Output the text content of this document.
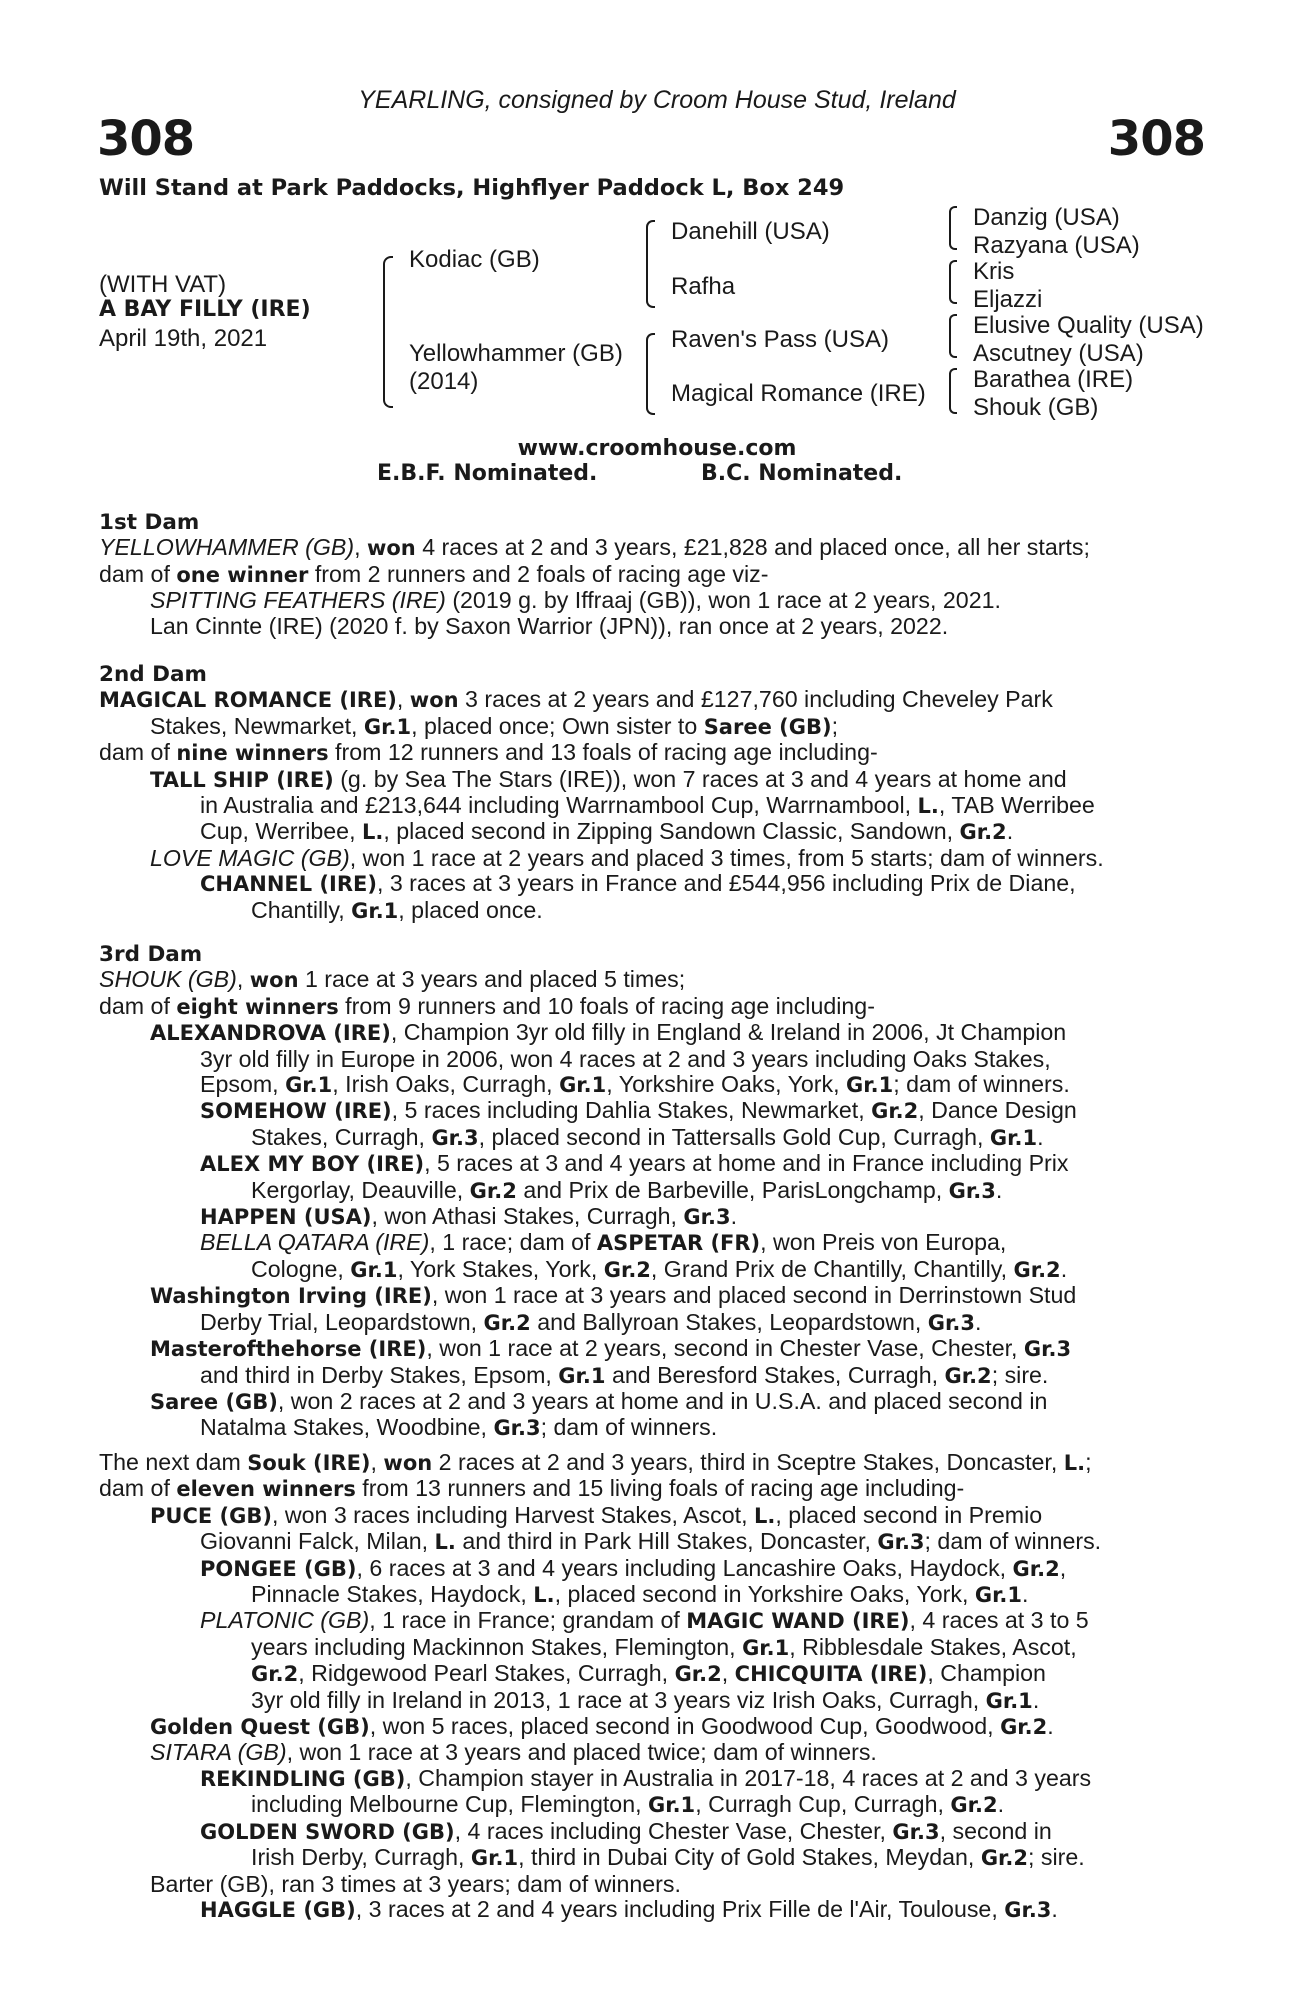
YEARLING, consigned by Croom House Stud, Ireland
308	308
Will Stand at Park Paddocks, Highflyer Paddock L, Box 249
(WITH VAT)
A BAY FILLY (IRE)
April 19th, 2021
Kodiac (GB)
Yellowhammer (GB)
(2014)
Danehill (USA)
Rafha
Raven's Pass (USA)
Magical Romance (IRE)
Danzig (USA)
Razyana (USA)
Kris
Eljazzi
Elusive Quality (USA)
Ascutney (USA)
Barathea (IRE)
Shouk (GB)
www.croomhouse.com
E.B.F. Nominated.	B.C. Nominated.

1st Dam

YELLOWHAMMER (GB), won 4 races at 2 and 3 years, £21,828 and placed once, all her starts;

dam of one winner from 2 runners and 2 foals of racing age viz-

SPITTING FEATHERS (IRE) (2019 g. by Iffraaj (GB)), won 1 race at 2 years, 2021.

Lan Cinnte (IRE) (2020 f. by Saxon Warrior (JPN)), ran once at 2 years, 2022.

2nd Dam

MAGICAL ROMANCE (IRE), won 3 races at 2 years and £127,760 including Cheveley Park

Stakes, Newmarket, Gr.1, placed once; Own sister to Saree (GB);

dam of nine winners from 12 runners and 13 foals of racing age including-

TALL SHIP (IRE) (g. by Sea The Stars (IRE)), won 7 races at 3 and 4 years at home and

in Australia and £213,644 including Warrnambool Cup, Warrnambool, L., TAB Werribee

Cup, Werribee, L., placed second in Zipping Sandown Classic, Sandown, Gr.2.

LOVE MAGIC (GB), won 1 race at 2 years and placed 3 times, from 5 starts; dam of winners.

CHANNEL (IRE), 3 races at 3 years in France and £544,956 including Prix de Diane,

Chantilly, Gr.1, placed once.

3rd Dam

SHOUK (GB), won 1 race at 3 years and placed 5 times;

dam of eight winners from 9 runners and 10 foals of racing age including-

ALEXANDROVA (IRE), Champion 3yr old filly in England & Ireland in 2006, Jt Champion

3yr old filly in Europe in 2006, won 4 races at 2 and 3 years including Oaks Stakes,

Epsom, Gr.1, Irish Oaks, Curragh, Gr.1, Yorkshire Oaks, York, Gr.1; dam of winners.

SOMEHOW (IRE), 5 races including Dahlia Stakes, Newmarket, Gr.2, Dance Design

Stakes, Curragh, Gr.3, placed second in Tattersalls Gold Cup, Curragh, Gr.1.

ALEX MY BOY (IRE), 5 races at 3 and 4 years at home and in France including Prix

Kergorlay, Deauville, Gr.2 and Prix de Barbeville, ParisLongchamp, Gr.3.

HAPPEN (USA), won Athasi Stakes, Curragh, Gr.3.

BELLA QATARA (IRE), 1 race; dam of ASPETAR (FR), won Preis von Europa,

Cologne, Gr.1, York Stakes, York, Gr.2, Grand Prix de Chantilly, Chantilly, Gr.2.

Washington Irving (IRE), won 1 race at 3 years and placed second in Derrinstown Stud

Derby Trial, Leopardstown, Gr.2 and Ballyroan Stakes, Leopardstown, Gr.3.

Masterofthehorse (IRE), won 1 race at 2 years, second in Chester Vase, Chester, Gr.3

and third in Derby Stakes, Epsom, Gr.1 and Beresford Stakes, Curragh, Gr.2; sire.

Saree (GB), won 2 races at 2 and 3 years at home and in U.S.A. and placed second in

Natalma Stakes, Woodbine, Gr.3; dam of winners.

The next dam Souk (IRE), won 2 races at 2 and 3 years, third in Sceptre Stakes, Doncaster, L.;

dam of eleven winners from 13 runners and 15 living foals of racing age including-

PUCE (GB), won 3 races including Harvest Stakes, Ascot, L., placed second in Premio

Giovanni Falck, Milan, L. and third in Park Hill Stakes, Doncaster, Gr.3; dam of winners.

PONGEE (GB), 6 races at 3 and 4 years including Lancashire Oaks, Haydock, Gr.2,

Pinnacle Stakes, Haydock, L., placed second in Yorkshire Oaks, York, Gr.1.

PLATONIC (GB), 1 race in France; grandam of MAGIC WAND (IRE), 4 races at 3 to 5

years including Mackinnon Stakes, Flemington, Gr.1, Ribblesdale Stakes, Ascot,

Gr.2, Ridgewood Pearl Stakes, Curragh, Gr.2, CHICQUITA (IRE), Champion

3yr old filly in Ireland in 2013, 1 race at 3 years viz Irish Oaks, Curragh, Gr.1.

Golden Quest (GB), won 5 races, placed second in Goodwood Cup, Goodwood, Gr.2.

SITARA (GB), won 1 race at 3 years and placed twice; dam of winners.

REKINDLING (GB), Champion stayer in Australia in 2017-18, 4 races at 2 and 3 years

including Melbourne Cup, Flemington, Gr.1, Curragh Cup, Curragh, Gr.2.

GOLDEN SWORD (GB), 4 races including Chester Vase, Chester, Gr.3, second in

Irish Derby, Curragh, Gr.1, third in Dubai City of Gold Stakes, Meydan, Gr.2; sire.

Barter (GB), ran 3 times at 3 years; dam of winners.

HAGGLE (GB), 3 races at 2 and 4 years including Prix Fille de l'Air, Toulouse, Gr.3.
